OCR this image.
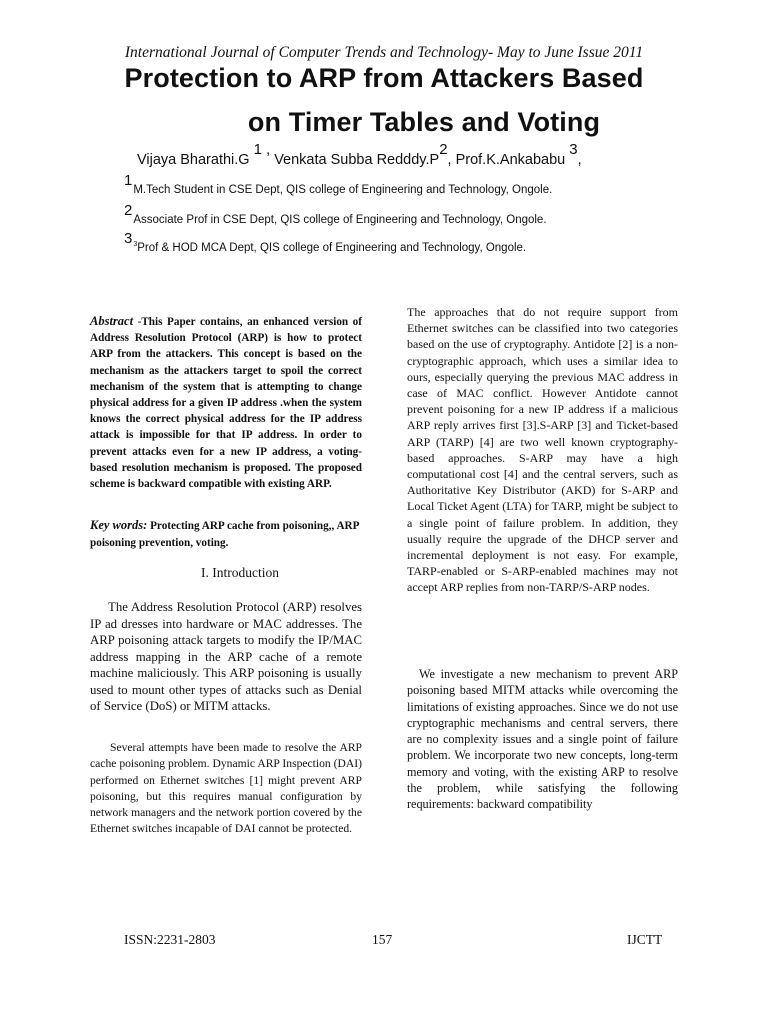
International Journal of Computer Trends and Technology- May to June Issue 2011
Protection to ARP from Attackers Based
on Timer Tables and Voting
Vijaya Bharathi.G $^1$ , Venkata Subba $Redddy.P^2$, Prof.K.Ankababu $^3$,
1M.Tech Student in CSE Dept, QIS college of Engineering and Technology, Ongole.
2Associate Prof in CSE Dept, QIS college of Engineering and Technology, Ongole.
$3^3Prof$ & HOD MCA Dept, QIS college of Engineering and Technology, Ongole.
Abstract -This Paper contains, an enhanced version of Address Resolution Protocol (ARP) is how to protect ARP from the attackers. This concept is based on the mechanism as the attackers target to spoil the correct mechanism of the system that is attempting to change physical address for a given IP address .when the system knows the correct physical address for the IP address attack is impossible for that IP address. In order to prevent attacks even for a new IP address, a voting-based resolution mechanism is proposed. The proposed scheme is backward compatible with existing ARP.
Key words: Protecting ARP cache from poisoning,, ARP poisoning prevention, voting.
I. Introduction
The Address Resolution Protocol (ARP) resolves IP ad dresses into hardware or MAC addresses. The ARP poisoning attack targets to modify the IP/MAC address mapping in the ARP cache of a remote machine maliciously. This ARP poisoning is usually used to mount other types of attacks such as Denial of Service (DoS) or MITM attacks.
Several attempts have been made to resolve the ARP cache poisoning problem. Dynamic ARP Inspection (DAI) performed on Ethernet switches [1] might prevent ARP poisoning, but this requires manual configuration by network managers and the network portion covered by the Ethernet switches incapable of DAI cannot be protected.
The approaches that do not require support from Ethernet switches can be classified into two categories based on the use of cryptography. Antidote [2] is a non-cryptographic approach, which uses a similar idea to ours, especially querying the previous MAC address in case of MAC conflict. However Antidote cannot prevent poisoning for a new IP address if a malicious ARP reply arrives first [3].S-ARP [3] and Ticket-based ARP (TARP) [4] are two well known cryptography-based approaches. S-ARP may have a high computational cost [4] and the central servers, such as Authoritative Key Distributor (AKD) for S-ARP and Local Ticket Agent (LTA) for TARP, might be subject to a single point of failure problem. In addition, they usually require the upgrade of the DHCP server and incremental deployment is not easy. For example, TARP-enabled or S-ARP-enabled machines may not accept ARP replies from non-TARP/S-ARP nodes.
We investigate a new mechanism to prevent ARP poisoning based MITM attacks while overcoming the limitations of existing approaches. Since we do not use cryptographic mechanisms and central servers, there are no complexity issues and a single point of failure problem. We incorporate two new concepts, long-term memory and voting, with the existing ARP to resolve the problem, while satisfying the following requirements: backward compatibility
ISSN:2231-2803	157	IJCTT
